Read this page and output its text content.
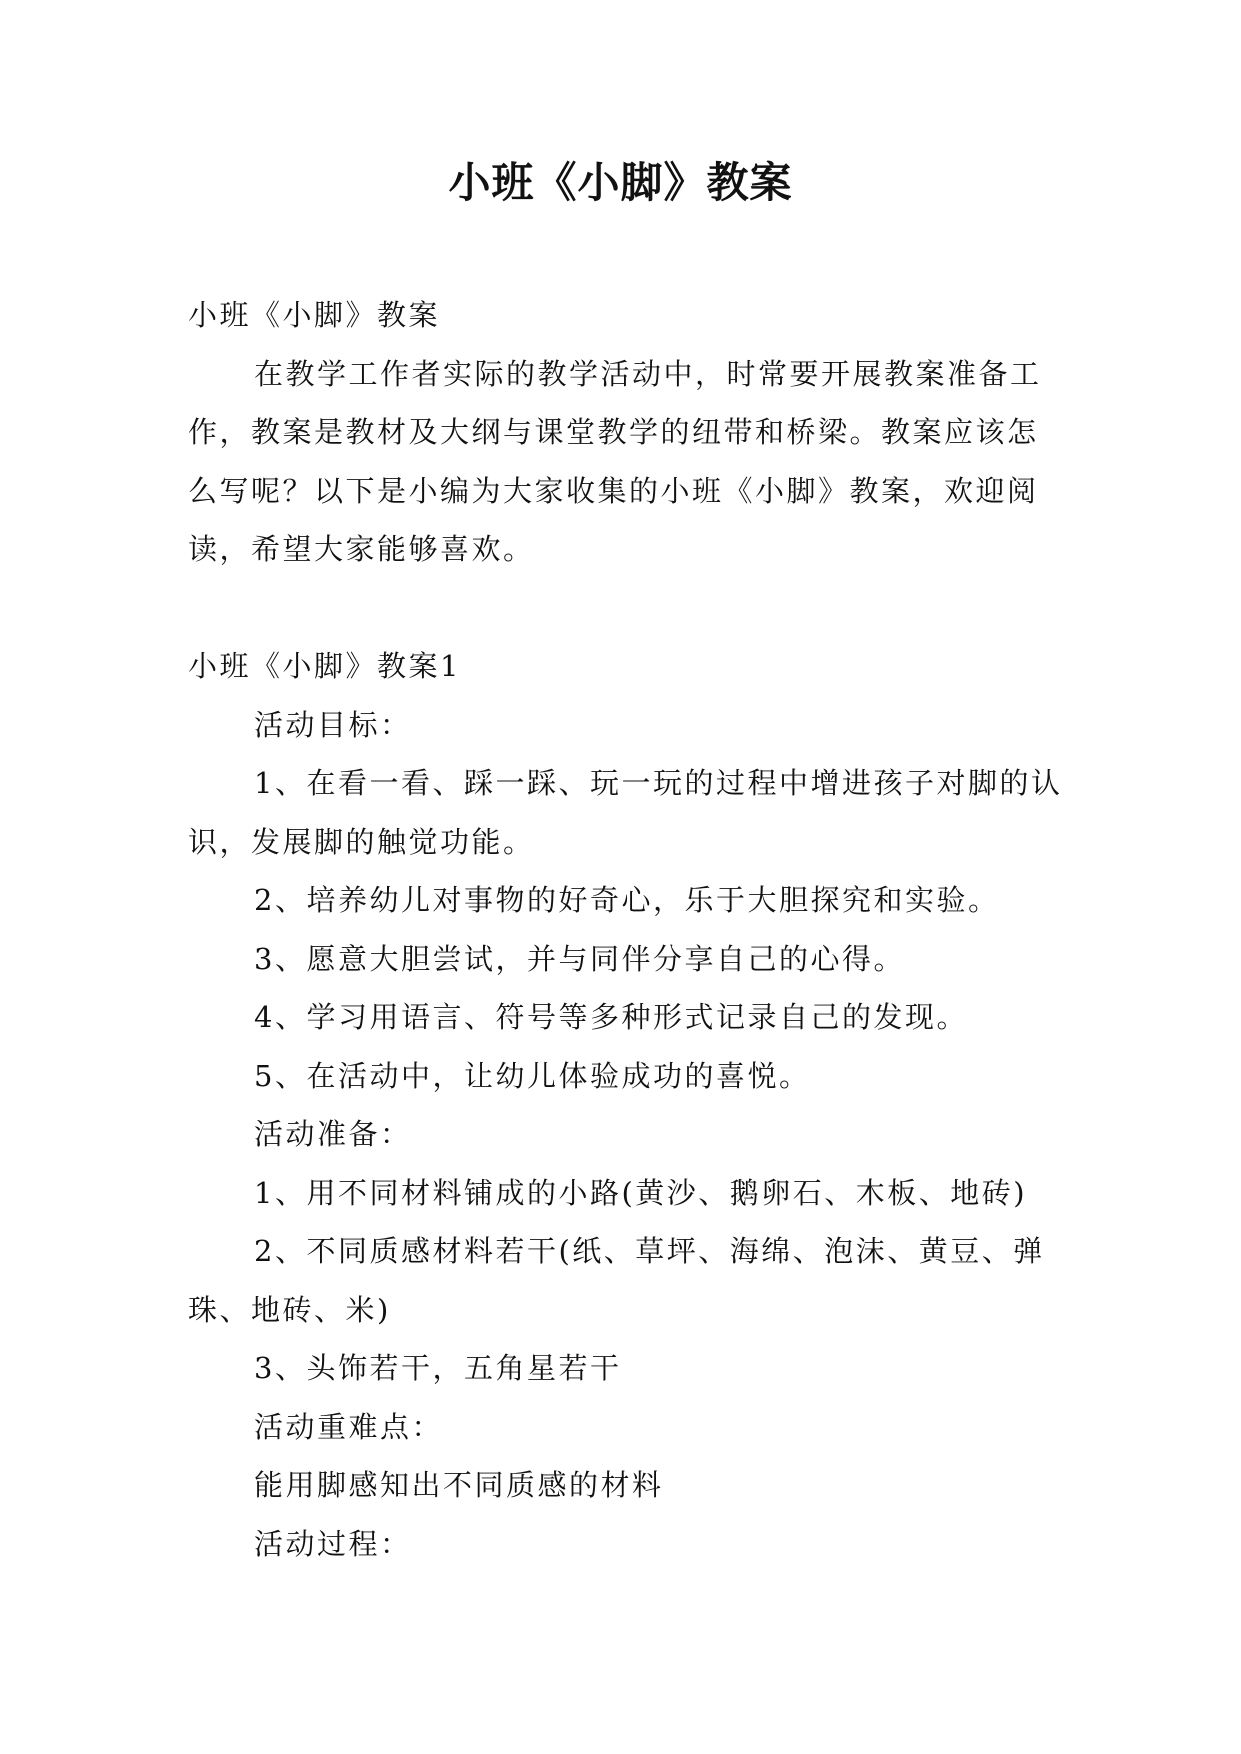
小班《小脚》教案

小班《小脚》教案

在教学工作者实际的教学活动中，时常要开展教案准备工作，教案是教材及大纲与课堂教学的纽带和桥梁。教案应该怎么写呢？以下是小编为大家收集的小班《小脚》教案，欢迎阅读，希望大家能够喜欢。

小班《小脚》教案1

活动目标：

1、在看一看、踩一踩、玩一玩的过程中增进孩子对脚的认识，发展脚的触觉功能。

2、培养幼儿对事物的好奇心，乐于大胆探究和实验。

3、愿意大胆尝试，并与同伴分享自己的心得。

4、学习用语言、符号等多种形式记录自己的发现。

5、在活动中，让幼儿体验成功的喜悦。

活动准备：

1、用不同材料铺成的小路(黄沙、鹅卵石、木板、地砖)

2、不同质感材料若干(纸、草坪、海绵、泡沫、黄豆、弹珠、地砖、米)

3、头饰若干，五角星若干

活动重难点：

能用脚感知出不同质感的材料

活动过程：
